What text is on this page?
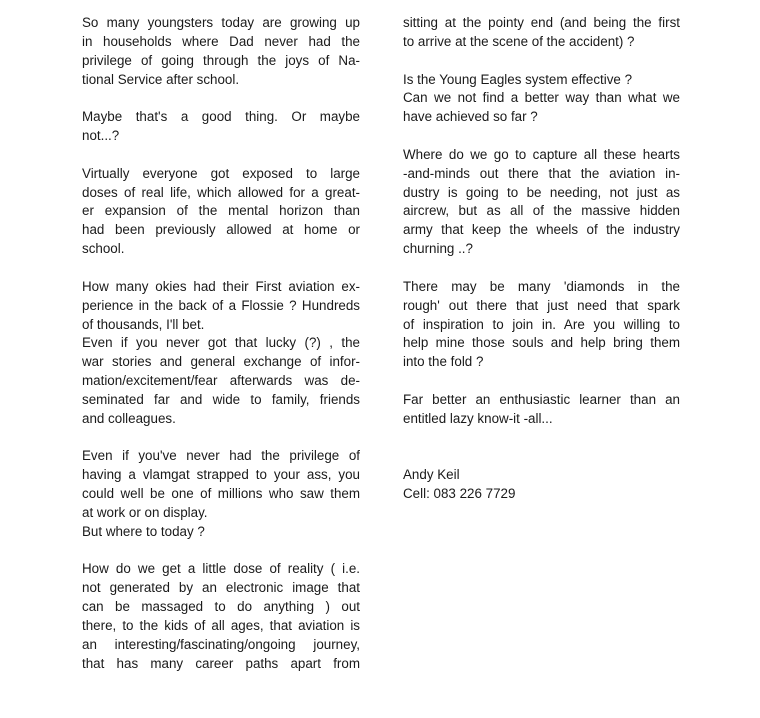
So many youngsters today are growing up
in households where Dad never had the
privilege of going through the joys of Na-
tional Service after school.
Maybe that's a good thing. Or maybe
not...?
Virtually everyone got exposed to large
doses of real life, which allowed for a great-
er expansion of the mental horizon than
had been previously allowed at home or
school.
How many okies had their First aviation ex-
perience in the back of a Flossie ? Hundreds
of thousands, I'll bet.
Even if you never got that lucky (?) , the
war stories and general exchange of infor-
mation/excitement/fear afterwards was de-
seminated far and wide to family, friends
and colleagues.
Even if you've never had the privilege of
having a vlamgat strapped to your ass, you
could well be one of millions who saw them
at work or on display.
But where to today ?
How do we get a little dose of reality ( i.e.
not generated by an electronic image that
can be massaged to do anything ) out
there, to the kids of all ages, that aviation is
an interesting/fascinating/ongoing journey,
that has many career paths apart from
sitting at the pointy end (and being the first
to arrive at the scene of the accident) ?
Is the Young Eagles system effective ?
Can we not find a better way than what we
have achieved so far ?
Where do we go to capture all these hearts
-and-minds out there that the aviation in-
dustry is going to be needing, not just as
aircrew, but as all of the massive hidden
army that keep the wheels of the industry
churning ..?
There may be many 'diamonds in the
rough' out there that just need that spark
of inspiration to join in. Are you willing to
help mine those souls and help bring them
into the fold ?
Far better an enthusiastic learner than an
entitled lazy know-it -all...
Andy Keil
Cell: 083 226 7729
